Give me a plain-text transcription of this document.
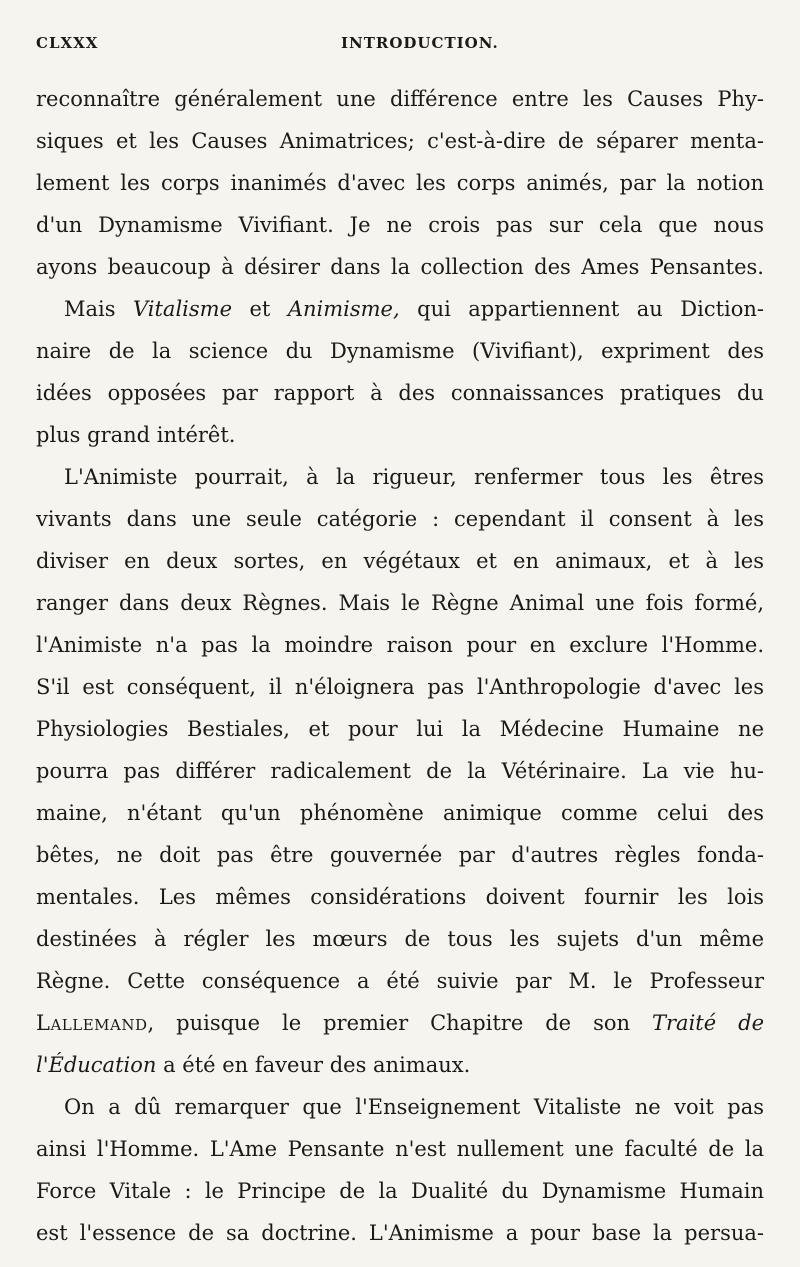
CLXXX	INTRODUCTION.
reconnaître généralement une différence entre les Causes Phy-
siques et les Causes Animatrices; c'est-à-dire de séparer menta-
lement les corps inanimés d'avec les corps animés, par la notion
d'un Dynamisme Vivifiant. Je ne crois pas sur cela que nous
ayons beaucoup à désirer dans la collection des Ames Pensantes.
Mais Vitalisme et Animisme, qui appartiennent au Diction-
naire de la science du Dynamisme (Vivifiant), expriment des
idées opposées par rapport à des connaissances pratiques du
plus grand intérêt.
L'Animiste pourrait, à la rigueur, renfermer tous les êtres
vivants dans une seule catégorie : cependant il consent à les
diviser en deux sortes, en végétaux et en animaux, et à les
ranger dans deux Règnes. Mais le Règne Animal une fois formé,
l'Animiste n'a pas la moindre raison pour en exclure l'Homme.
S'il est conséquent, il n'éloignera pas l'Anthropologie d'avec les
Physiologies Bestiales, et pour lui la Médecine Humaine ne
pourra pas différer radicalement de la Vétérinaire. La vie hu-
maine, n'étant qu'un phénomène animique comme celui des
bêtes, ne doit pas être gouvernée par d'autres règles fonda-
mentales. Les mêmes considérations doivent fournir les lois
destinées à régler les mœurs de tous les sujets d'un même
Règne. Cette conséquence a été suivie par M. le Professeur
Lallemand, puisque le premier Chapitre de son Traité de
l'Éducation a été en faveur des animaux.
On a dû remarquer que l'Enseignement Vitaliste ne voit pas
ainsi l'Homme. L'Ame Pensante n'est nullement une faculté de la
Force Vitale : le Principe de la Dualité du Dynamisme Humain
est l'essence de sa doctrine. L'Animisme a pour base la persua-
